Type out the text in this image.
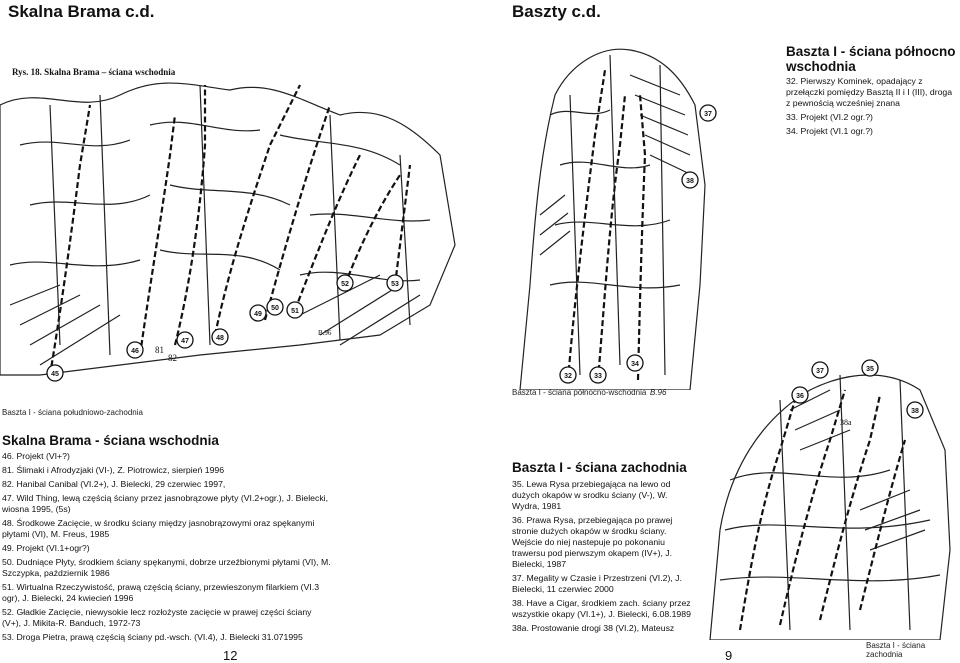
Skalna Brama c.d.
Rys. 18. Skalna Brama – ściana wschodnia
45
46
47	48
49
50 51
52	53
81
82
B.96
Baszta I - ściana południowo-zachodnia
Skalna Brama - ściana wschodnia

46. Projekt (VI+?)

81. Ślimaki i Afrodyzjaki (VI-), Z. Piotrowicz, sierpień 1996

82. Hanibal Canibal (VI.2+), J. Bielecki, 29 czerwiec 1997,

47. Wild Thing, lewą częścią ściany przez jasnobrązowe płyty (VI.2+ogr.), J. Bielecki, wiosna 1995, (5s)

48. Środkowe Zacięcie, w środku ściany między jasnobrązowymi oraz spękanymi płytami (VI), M. Freus, 1985

49. Projekt (VI.1+ogr?)

50. Dudniące Płyty, środkiem ściany spękanymi, dobrze urzeźbionymi płytami (VI), M. Szczypka, październik 1986

51. Wirtualna Rzeczywistość, prawą częścią ściany, przewieszonym filarkiem (VI.3 ogr), J. Bielecki, 24 kwiecień 1996

52. Gładkie Zacięcie, niewysokie lecz rozłożyste zacięcie w prawej części ściany (V+), J. Mikita-R. Banduch, 1972-73

53. Droga Pietra, prawą częścią ściany pd.-wsch. (VI.4), J. Bielecki 31.071995

12
Baszty c.d.
32	33
34
37
38
Baszta I - ściana północno wschodnia

32. Pierwszy Kominek, opadający z przełączki pomiędzy Basztą II i I (III), droga z pewnością wcześniej znana

33. Projekt (VI.2 ogr.?)

34. Projekt (VI.1 ogr.?)

Baszta I - ściana północno-wschodnia B.96
Baszta I - ściana zachodnia

35. Lewa Rysa przebiegająca na lewo od dużych okapów w srodku ściany (V-), W. Wydra, 1981

36. Prawa Rysa, przebiegająca po prawej stronie dużych okapów w środku ściany. Wejście do niej nastepuje po pokonaniu trawersu pod pierwszym okapem (IV+), J. Bielecki, 1987

37. Megality w Czasie i Przestrzeni (VI.2), J. Bielecki, 11 czerwiec 2000

38. Have a Cigar, środkiem zach. ściany przez wszystkie okapy (VI.1+), J. Bielecki, 6.08.1989

38a. Prostowanie drogi 38 (VI.2), Mateusz

35
36
37
38
38a
9
Baszta I - ściana zachodnia
